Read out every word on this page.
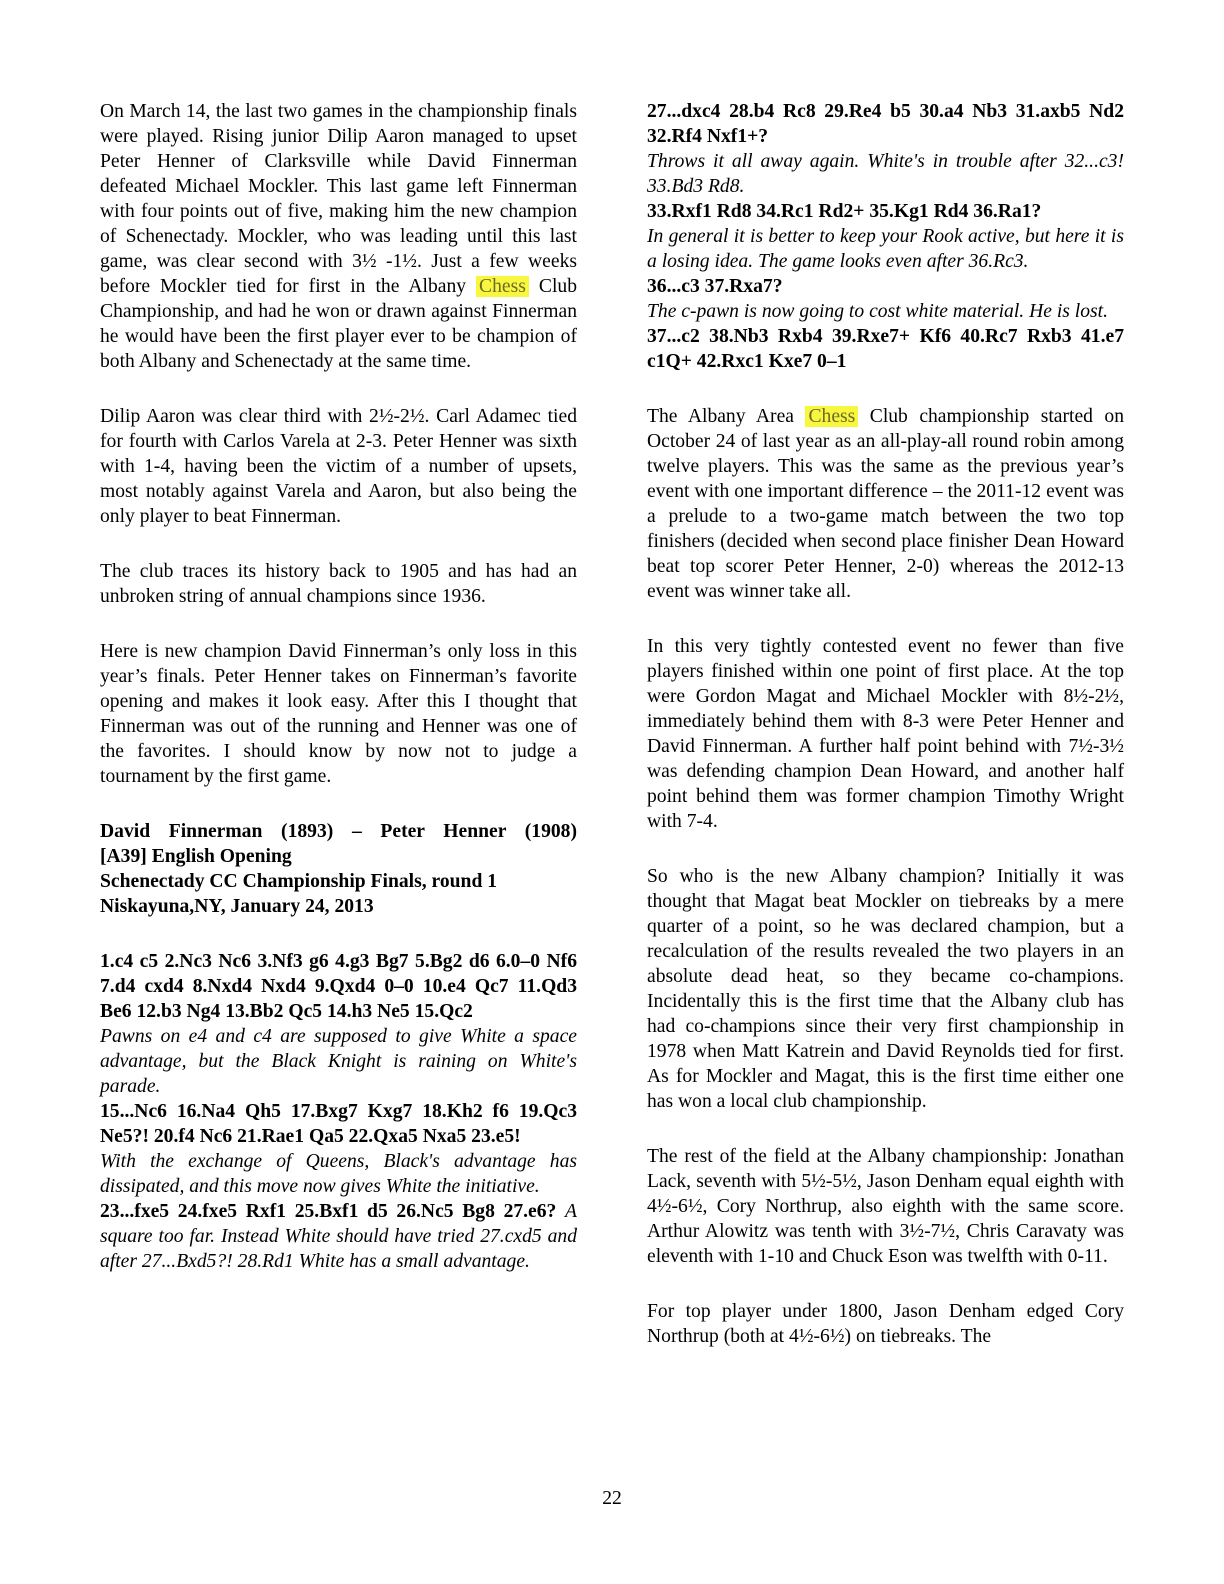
On March 14, the last two games in the championship finals were played. Rising junior Dilip Aaron managed to upset Peter Henner of Clarksville while David Finnerman defeated Michael Mockler. This last game left Finnerman with four points out of five, making him the new champion of Schenectady. Mockler, who was leading until this last game, was clear second with 3½ -1½. Just a few weeks before Mockler tied for first in the Albany Chess Club Championship, and had he won or drawn against Finnerman he would have been the first player ever to be champion of both Albany and Schenectady at the same time.

Dilip Aaron was clear third with 2½-2½. Carl Adamec tied for fourth with Carlos Varela at 2-3. Peter Henner was sixth with 1-4, having been the victim of a number of upsets, most notably against Varela and Aaron, but also being the only player to beat Finnerman.

The club traces its history back to 1905 and has had an unbroken string of annual champions since 1936.

Here is new champion David Finnerman’s only loss in this year’s finals. Peter Henner takes on Finnerman’s favorite opening and makes it look easy. After this I thought that Finnerman was out of the running and Henner was one of the favorites. I should know by now not to judge a tournament by the first game.

David Finnerman (1893) – Peter Henner (1908)

[A39] English Opening
Schenectady CC Championship Finals, round 1
Niskayuna,NY, January 24, 2013

1.c4 c5 2.Nc3 Nc6 3.Nf3 g6 4.g3 Bg7 5.Bg2 d6 6.0–0 Nf6 7.d4 cxd4 8.Nxd4 Nxd4 9.Qxd4 0–0 10.e4 Qc7 11.Qd3 Be6 12.b3 Ng4 13.Bb2 Qc5 14.h3 Ne5 15.Qc2

Pawns on e4 and c4 are supposed to give White a space advantage, but the Black Knight is raining on White's parade.

15...Nc6 16.Na4 Qh5 17.Bxg7 Kxg7 18.Kh2 f6 19.Qc3 Ne5?! 20.f4 Nc6 21.Rae1 Qa5 22.Qxa5 Nxa5 23.e5!

With the exchange of Queens, Black's advantage has dissipated, and this move now gives White the initiative.

23...fxe5 24.fxe5 Rxf1 25.Bxf1 d5 26.Nc5 Bg8 27.e6? A square too far. Instead White should have tried 27.cxd5 and after 27...Bxd5?! 28.Rd1 White has a small advantage.

27...dxc4 28.b4 Rc8 29.Re4 b5 30.a4 Nb3 31.axb5 Nd2 32.Rf4 Nxf1+?

Throws it all away again. White's in trouble after 32...c3! 33.Bd3 Rd8.

33.Rxf1 Rd8 34.Rc1 Rd2+ 35.Kg1 Rd4 36.Ra1?

In general it is better to keep your Rook active, but here it is a losing idea. The game looks even after 36.Rc3.

36...c3 37.Rxa7?

The c-pawn is now going to cost white material. He is lost.

37...c2 38.Nb3 Rxb4 39.Rxe7+ Kf6 40.Rc7 Rxb3 41.e7 c1Q+ 42.Rxc1 Kxe7 0–1

The Albany Area Chess Club championship started on October 24 of last year as an all-play-all round robin among twelve players. This was the same as the previous year’s event with one important difference – the 2011-12 event was a prelude to a two-game match between the two top finishers (decided when second place finisher Dean Howard beat top scorer Peter Henner, 2-0) whereas the 2012-13 event was winner take all.

In this very tightly contested event no fewer than five players finished within one point of first place. At the top were Gordon Magat and Michael Mockler with 8½-2½, immediately behind them with 8-3 were Peter Henner and David Finnerman. A further half point behind with 7½-3½ was defending champion Dean Howard, and another half point behind them was former champion Timothy Wright with 7-4.

So who is the new Albany champion? Initially it was thought that Magat beat Mockler on tiebreaks by a mere quarter of a point, so he was declared champion, but a recalculation of the results revealed the two players in an absolute dead heat, so they became co-champions. Incidentally this is the first time that the Albany club has had co-champions since their very first championship in 1978 when Matt Katrein and David Reynolds tied for first. As for Mockler and Magat, this is the first time either one has won a local club championship.

The rest of the field at the Albany championship: Jonathan Lack, seventh with 5½-5½, Jason Denham equal eighth with 4½-6½, Cory Northrup, also eighth with the same score. Arthur Alowitz was tenth with 3½-7½, Chris Caravaty was eleventh with 1-10 and Chuck Eson was twelfth with 0-11.

For top player under 1800, Jason Denham edged Cory Northrup (both at 4½-6½) on tiebreaks. The

22
